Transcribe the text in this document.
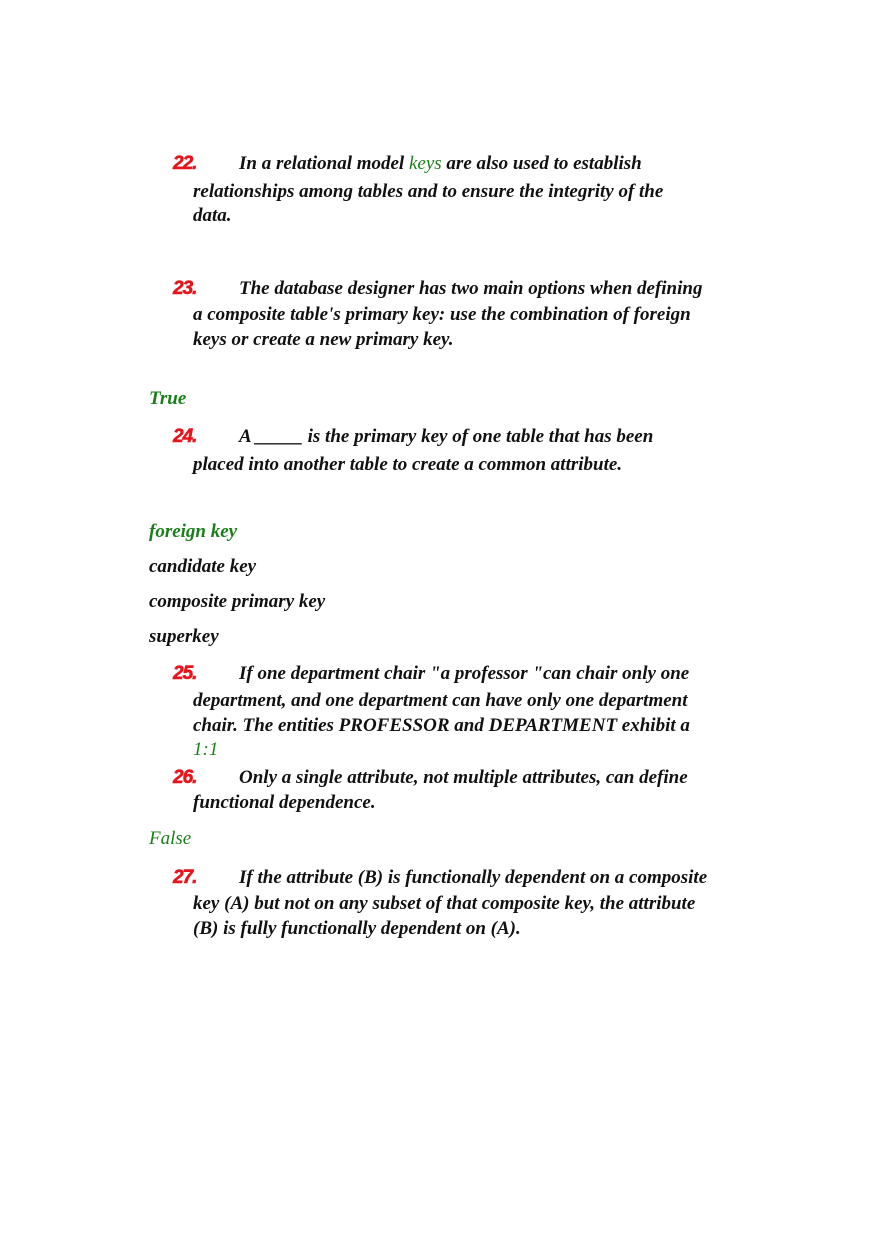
22. In a relational model keys are also used to establish
relationships among tables and to ensure the integrity of the
data.
23. The database designer has two main options when defining
a composite table's primary key: use the combination of foreign
keys or create a new primary key.
True
24. A _____ is the primary key of one table that has been
placed into another table to create a common attribute.
foreign key
candidate key
composite primary key
superkey
25. If one department chair "a professor "can chair only one
department, and one department can have only one department
chair. The entities PROFESSOR and DEPARTMENT exhibit a
1:1
26. Only a single attribute, not multiple attributes, can define
functional dependence.
False
27. If the attribute (B) is functionally dependent on a composite
key (A) but not on any subset of that composite key, the attribute
(B) is fully functionally dependent on (A).
